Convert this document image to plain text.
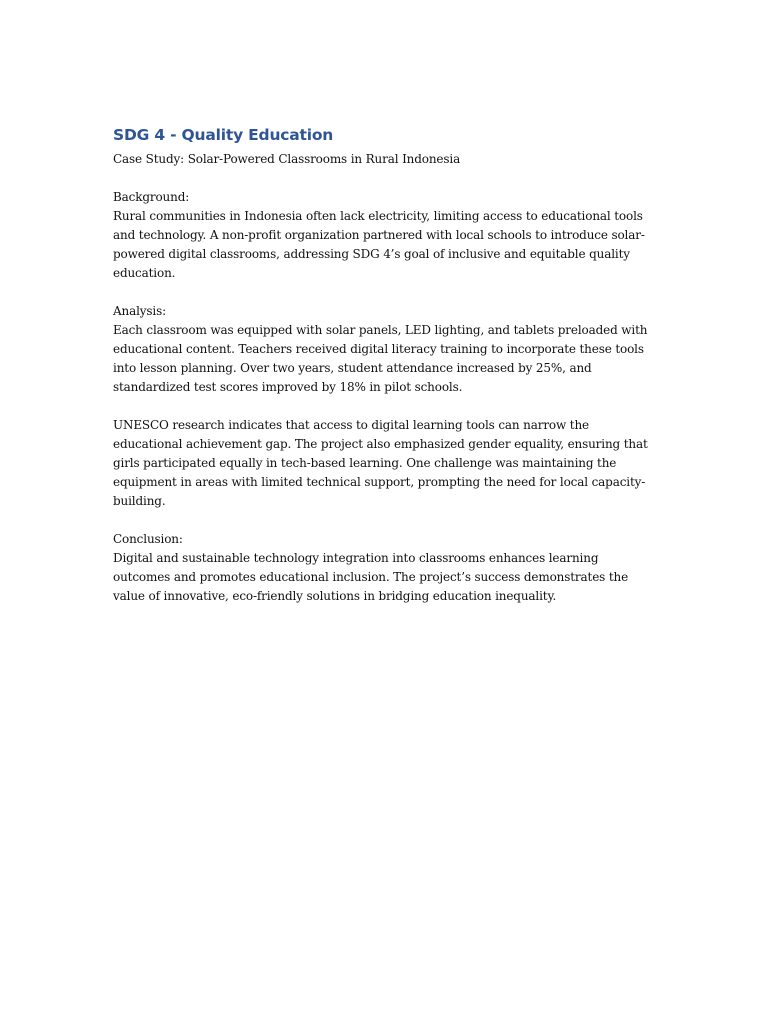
SDG 4 - Quality Education

Case Study: Solar-Powered Classrooms in Rural Indonesia

Background:

Rural communities in Indonesia often lack electricity, limiting access to educational tools and technology. A non-profit organization partnered with local schools to introduce solar-powered digital classrooms, addressing SDG 4’s goal of inclusive and equitable quality education.

Analysis:

Each classroom was equipped with solar panels, LED lighting, and tablets preloaded with educational content. Teachers received digital literacy training to incorporate these tools into lesson planning. Over two years, student attendance increased by 25%, and standardized test scores improved by 18% in pilot schools.

UNESCO research indicates that access to digital learning tools can narrow the educational achievement gap. The project also emphasized gender equality, ensuring that girls participated equally in tech-based learning. One challenge was maintaining the equipment in areas with limited technical support, prompting the need for local capacity-building.

Conclusion:

Digital and sustainable technology integration into classrooms enhances learning outcomes and promotes educational inclusion. The project’s success demonstrates the value of innovative, eco-friendly solutions in bridging education inequality.
